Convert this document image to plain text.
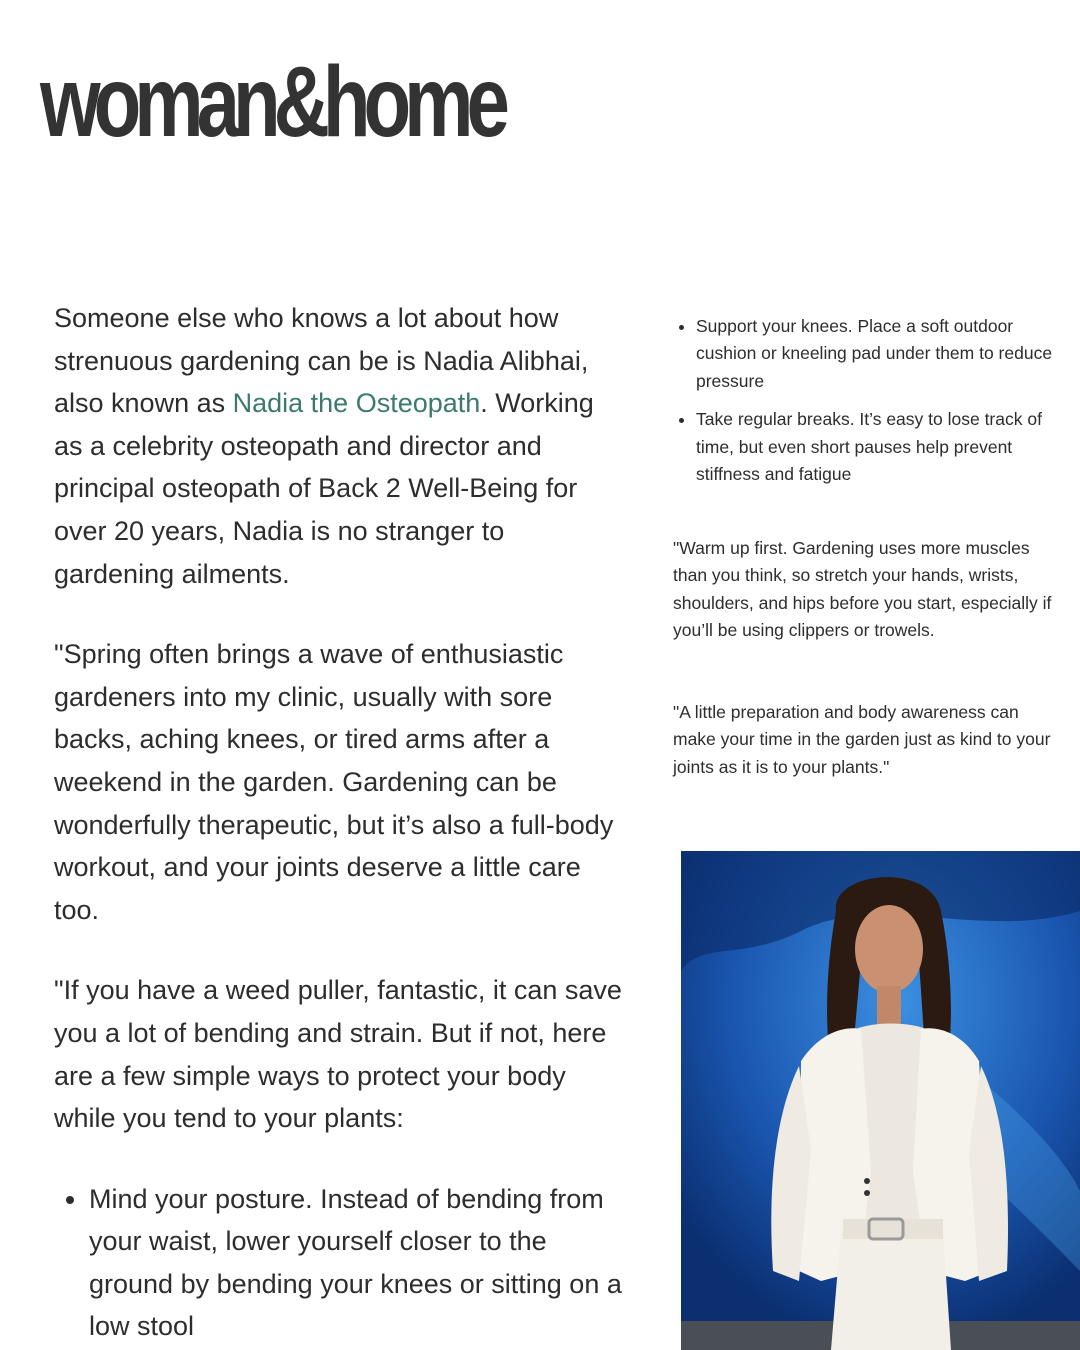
woman&home

Someone else who knows a lot about how strenuous gardening can be is Nadia Alibhai, also known as Nadia the Osteopath. Working as a celebrity osteopath and director and principal osteopath of Back 2 Well-Being for over 20 years, Nadia is no stranger to gardening ailments.

"Spring often brings a wave of enthusiastic gardeners into my clinic, usually with sore backs, aching knees, or tired arms after a weekend in the garden. Gardening can be wonderfully therapeutic, but it’s also a full-body workout, and your joints deserve a little care too.

"If you have a weed puller, fantastic, it can save you a lot of bending and strain. But if not, here are a few simple ways to protect your body while you tend to your plants:

• Mind your posture. Instead of bending from your waist, lower yourself closer to the ground by bending your knees or sitting on a low stool
• Support your knees. Place a soft outdoor cushion or kneeling pad under them to reduce pressure
• Take regular breaks. It’s easy to lose track of time, but even short pauses help prevent stiffness and fatigue

"Warm up first. Gardening uses more muscles than you think, so stretch your hands, wrists, shoulders, and hips before you start, especially if you’ll be using clippers or trowels.

"A little preparation and body awareness can make your time in the garden just as kind to your joints as it is to your plants."
